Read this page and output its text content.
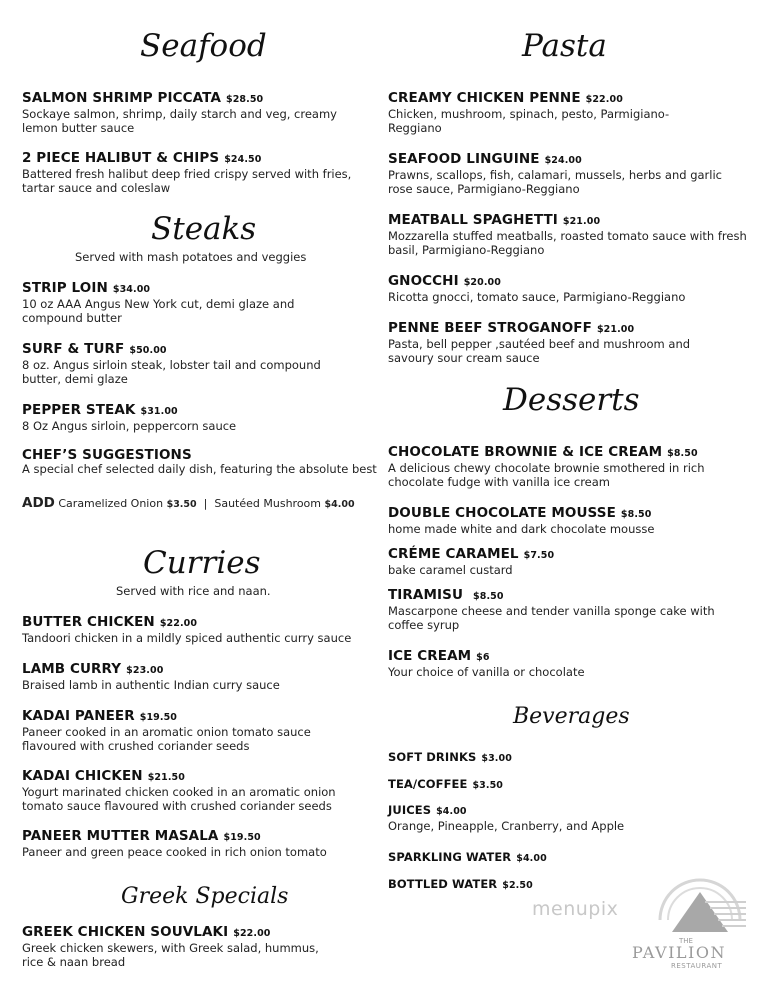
Seafood
SALMON SHRIMP PICCATA $28.50
Sockaye salmon, shrimp, daily starch and veg, creamy lemon butter sauce
2 PIECE HALIBUT & CHIPS $24.50
Battered fresh halibut deep fried crispy served with fries, tartar sauce and coleslaw
Steaks
Served with mash potatoes and veggies
STRIP LOIN $34.00
10 oz AAA Angus New York cut, demi glaze and compound butter
SURF & TURF $50.00
8 oz. Angus sirloin steak, lobster tail and compound butter, demi glaze
PEPPER STEAK $31.00
8 Oz Angus sirloin, peppercorn sauce
CHEF’S SUGGESTIONS
A special chef selected daily dish, featuring the absolute best
ADD Caramelized Onion $3.50 | Sautéed Mushroom $4.00
Curries
Served with rice and naan.
BUTTER CHICKEN $22.00
Tandoori chicken in a mildly spiced authentic curry sauce
LAMB CURRY $23.00
Braised lamb in authentic Indian curry sauce
KADAI PANEER $19.50
Paneer cooked in an aromatic onion tomato sauce flavoured with crushed coriander seeds
KADAI CHICKEN $21.50
Yogurt marinated chicken cooked in an aromatic onion tomato sauce flavoured with crushed coriander seeds
PANEER MUTTER MASALA $19.50
Paneer and green peace cooked in rich onion tomato
Greek Specials
GREEK CHICKEN SOUVLAKI $22.00
Greek chicken skewers, with Greek salad, hummus, rice & naan bread
Pasta
CREAMY CHICKEN PENNE $22.00
Chicken, mushroom, spinach, pesto, Parmigiano-Reggiano
SEAFOOD LINGUINE $24.00
Prawns, scallops, fish, calamari, mussels, herbs and garlic rose sauce, Parmigiano-Reggiano
MEATBALL SPAGHETTI $21.00
Mozzarella stuffed meatballs, roasted tomato sauce with fresh basil, Parmigiano-Reggiano
GNOCCHI $20.00
Ricotta gnocci, tomato sauce, Parmigiano-Reggiano
PENNE BEEF STROGANOFF $21.00
Pasta, bell pepper ,sautéed beef and mushroom and savoury sour cream sauce
Desserts
CHOCOLATE BROWNIE & ICE CREAM $8.50
A delicious chewy chocolate brownie smothered in rich chocolate fudge with vanilla ice cream
DOUBLE CHOCOLATE MOUSSE $8.50
home made white and dark chocolate mousse
CRÉME CARAMEL $7.50
bake caramel custard
TIRAMISU $8.50
Mascarpone cheese and tender vanilla sponge cake with coffee syrup
ICE CREAM $6
Your choice of vanilla or chocolate
Beverages
SOFT DRINKS $3.00
TEA/COFFEE $3.50
JUICES $4.00
Orange, Pineapple, Cranberry, and Apple
SPARKLING WATER $4.00
BOTTLED WATER $2.50
menupix
THE
PAVILION
RESTAURANT
